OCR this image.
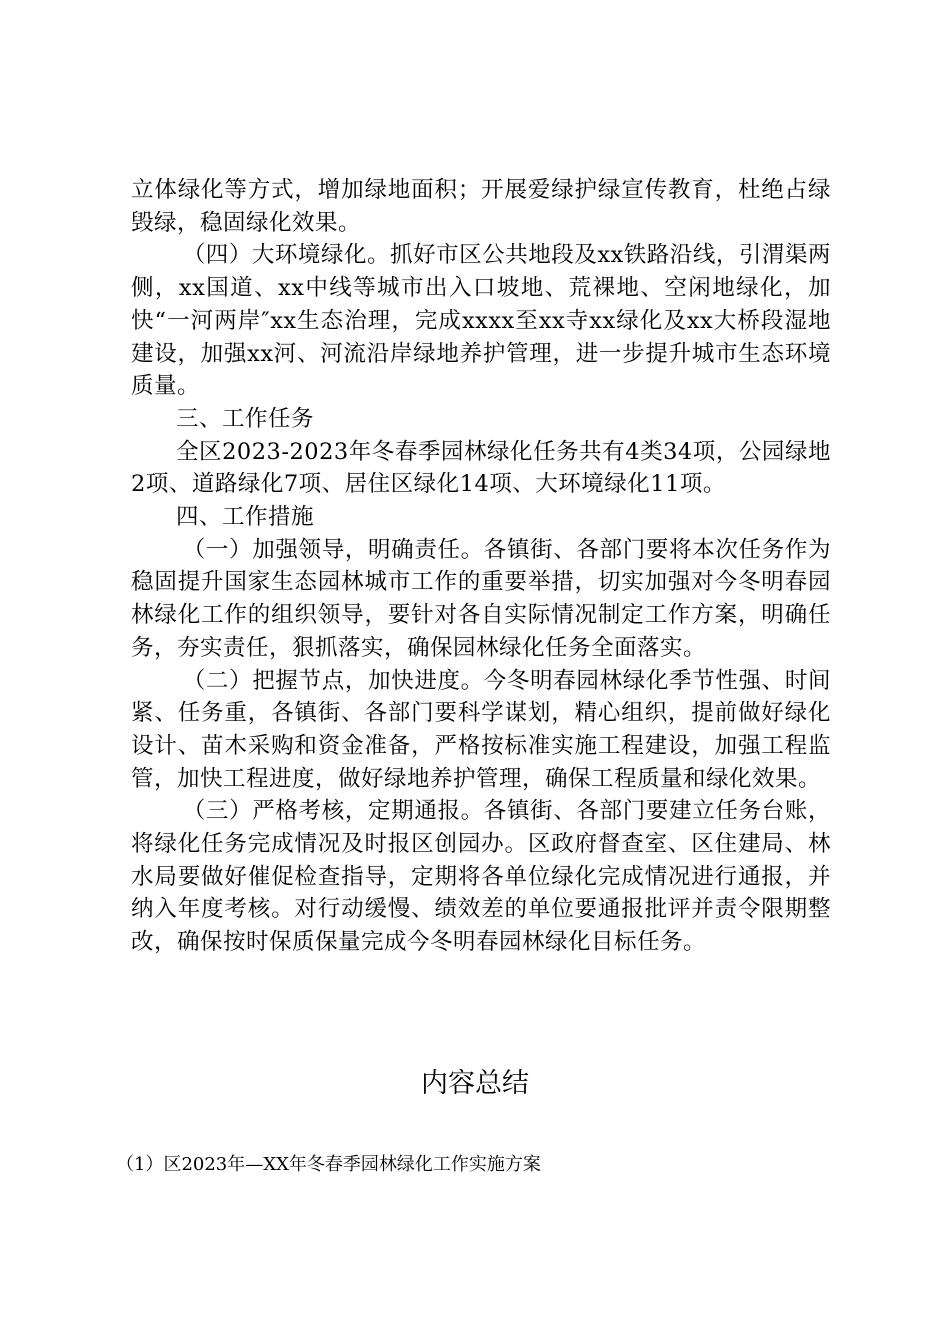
立体绿化等方式，增加绿地面积；开展爱绿护绿宣传教育，杜绝占绿毁绿，稳固绿化效果。

（四）大环境绿化。抓好市区公共地段及xx铁路沿线，引渭渠两侧，xx国道、xx中线等城市出入口坡地、荒裸地、空闲地绿化，加快“一河两岸″xx生态治理，完成xxxx至xx寺xx绿化及xx大桥段湿地建设，加强xx河、河流沿岸绿地养护管理，进一步提升城市生态环境质量。

三、工作任务

全区2023-2023年冬春季园林绿化任务共有4类34项，公园绿地2项、道路绿化7项、居住区绿化14项、大环境绿化11项。

四、工作措施

（一）加强领导，明确责任。各镇街、各部门要将本次任务作为稳固提升国家生态园林城市工作的重要举措，切实加强对今冬明春园林绿化工作的组织领导，要针对各自实际情况制定工作方案，明确任务，夯实责任，狠抓落实，确保园林绿化任务全面落实。

（二）把握节点，加快进度。今冬明春园林绿化季节性强、时间紧、任务重，各镇街、各部门要科学谋划，精心组织，提前做好绿化设计、苗木采购和资金准备，严格按标准实施工程建设，加强工程监管，加快工程进度，做好绿地养护管理，确保工程质量和绿化效果。

（三）严格考核，定期通报。各镇街、各部门要建立任务台账，将绿化任务完成情况及时报区创园办。区政府督查室、区住建局、林水局要做好催促检查指导，定期将各单位绿化完成情况进行通报，并纳入年度考核。对行动缓慢、绩效差的单位要通报批评并责令限期整改，确保按时保质保量完成今冬明春园林绿化目标任务。

内容总结
（1）区2023年—XX年冬春季园林绿化工作实施方案
